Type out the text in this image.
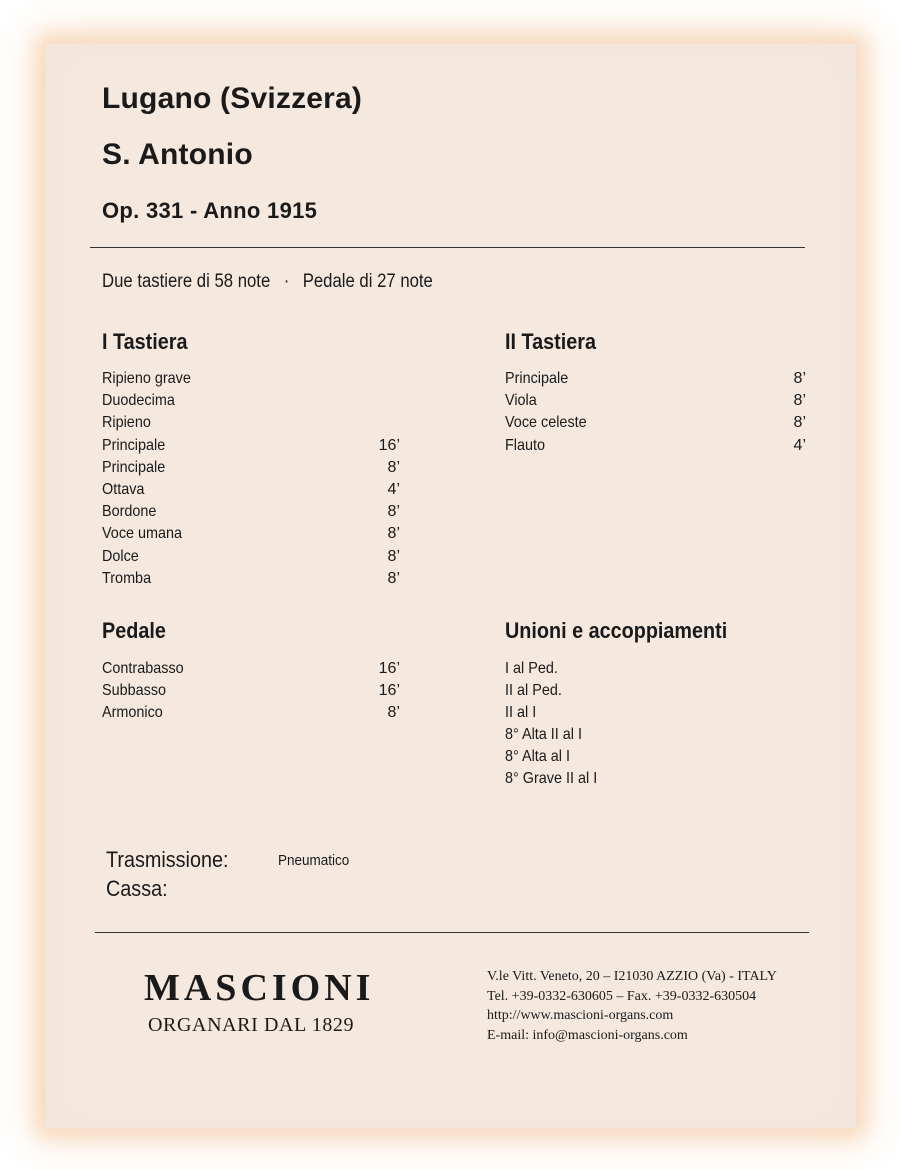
Lugano (Svizzera)
S. Antonio
Op. 331 - Anno 1915
Due tastiere di 58 note · Pedale di 27 note
I Tastiera
Ripieno grave
Duodecima
Ripieno
Principale	16’
Principale	8’
Ottava	4’
Bordone	8’
Voce umana	8’
Dolce	8’
Tromba	8’
II Tastiera
Principale	8’
Viola	8’
Voce celeste	8’
Flauto	4’
Pedale
Contrabasso	16’
Subbasso	16’
Armonico	8’
Unioni e accoppiamenti
I al Ped.
II al Ped.
II al I
8° Alta II al I
8° Alta al I
8° Grave II al I
Trasmissione:	Pneumatico
Cassa:
MASCIONI
ORGANARI DAL 1829
V.le Vitt. Veneto, 20 – I21030 AZZIO (Va) - ITALY
Tel. +39-0332-630605 – Fax. +39-0332-630504
http://www.mascioni-organs.com
E-mail: info@mascioni-organs.com
